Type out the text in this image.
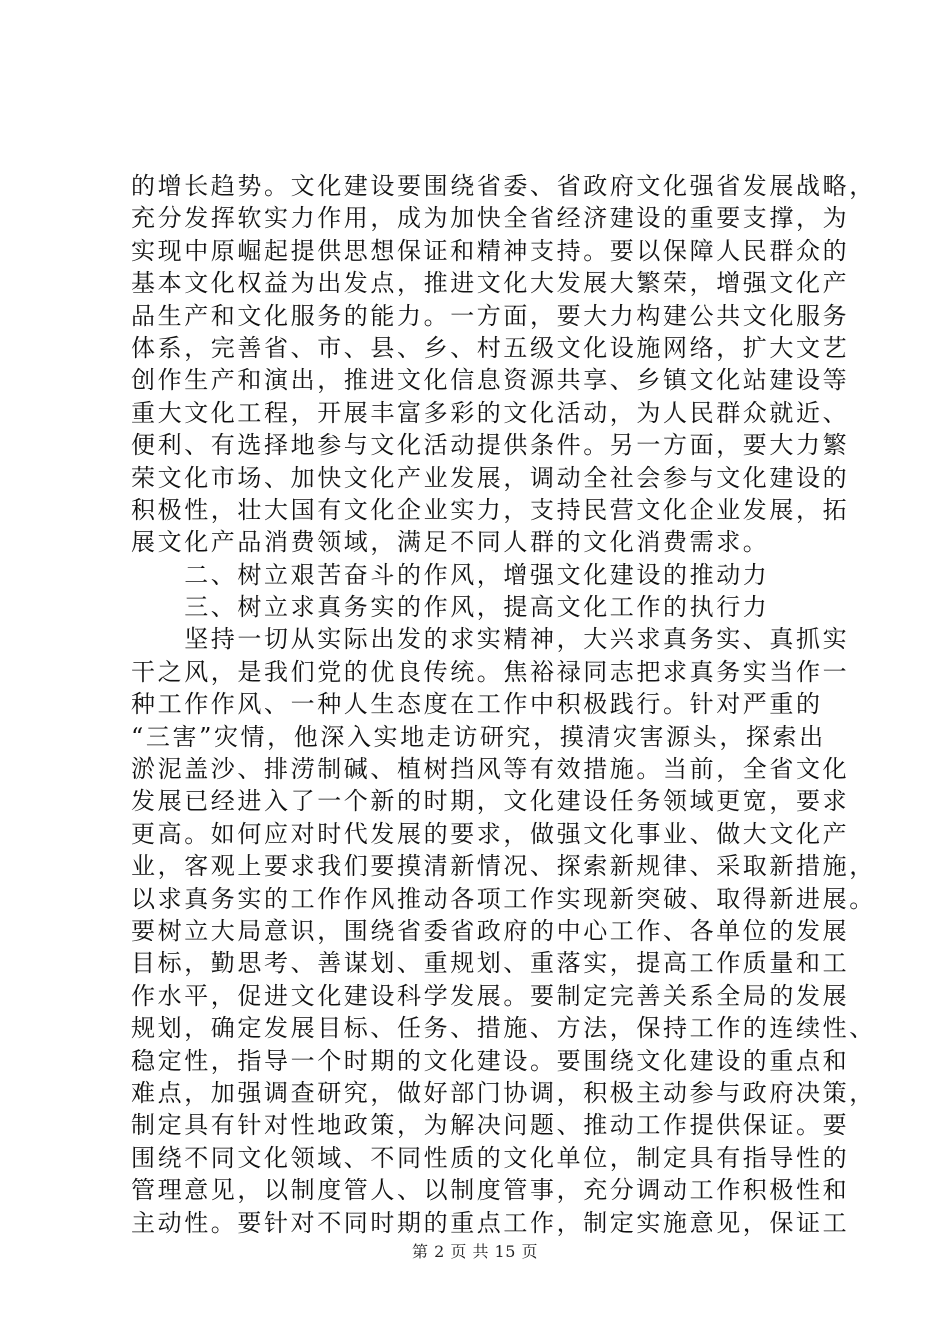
的增长趋势。文化建设要围绕省委、省政府文化强省发展战略，
充分发挥软实力作用，成为加快全省经济建设的重要支撑，为
实现中原崛起提供思想保证和精神支持。要以保障人民群众的
基本文化权益为出发点，推进文化大发展大繁荣，增强文化产
品生产和文化服务的能力。一方面，要大力构建公共文化服务
体系，完善省、市、县、乡、村五级文化设施网络，扩大文艺
创作生产和演出，推进文化信息资源共享、乡镇文化站建设等
重大文化工程，开展丰富多彩的文化活动，为人民群众就近、
便利、有选择地参与文化活动提供条件。另一方面，要大力繁
荣文化市场、加快文化产业发展，调动全社会参与文化建设的
积极性，壮大国有文化企业实力，支持民营文化企业发展，拓
展文化产品消费领域，满足不同人群的文化消费需求。
　　二、树立艰苦奋斗的作风，增强文化建设的推动力
　　三、树立求真务实的作风，提高文化工作的执行力
　　坚持一切从实际出发的求实精神，大兴求真务实、真抓实
干之风，是我们党的优良传统。焦裕禄同志把求真务实当作一
种工作作风、一种人生态度在工作中积极践行。针对严重的
“三害”灾情，他深入实地走访研究，摸清灾害源头，探索出
淤泥盖沙、排涝制碱、植树挡风等有效措施。当前，全省文化
发展已经进入了一个新的时期，文化建设任务领域更宽，要求
更高。如何应对时代发展的要求，做强文化事业、做大文化产
业，客观上要求我们要摸清新情况、探索新规律、采取新措施，
以求真务实的工作作风推动各项工作实现新突破、取得新进展。
要树立大局意识，围绕省委省政府的中心工作、各单位的发展
目标，勤思考、善谋划、重规划、重落实，提高工作质量和工
作水平，促进文化建设科学发展。要制定完善关系全局的发展
规划，确定发展目标、任务、措施、方法，保持工作的连续性、
稳定性，指导一个时期的文化建设。要围绕文化建设的重点和
难点，加强调查研究，做好部门协调，积极主动参与政府决策，
制定具有针对性地政策，为解决问题、推动工作提供保证。要
围绕不同文化领域、不同性质的文化单位，制定具有指导性的
管理意见，以制度管人、以制度管事，充分调动工作积极性和
主动性。要针对不同时期的重点工作，制定实施意见，保证工
第 2 页 共 15 页
